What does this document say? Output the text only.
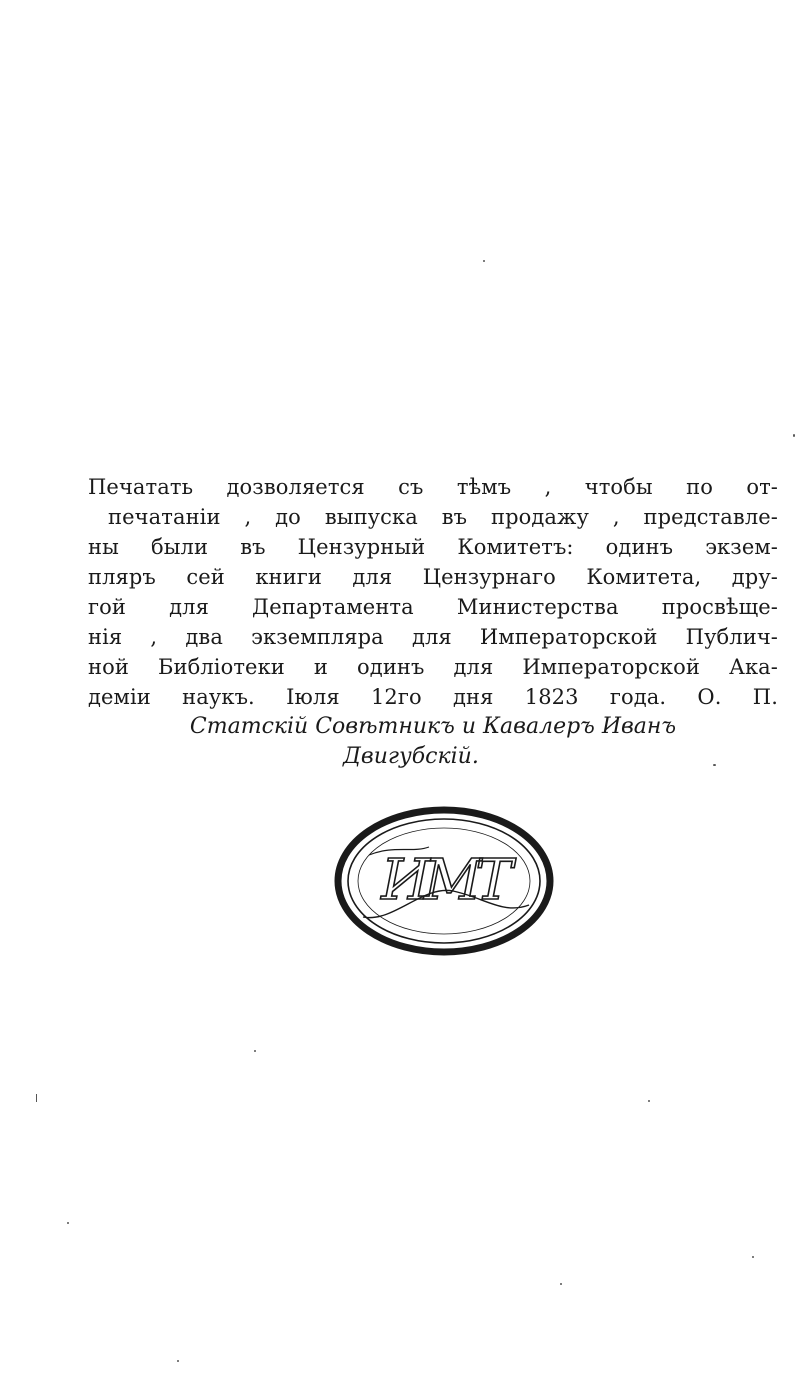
Печатать дозволяется съ тѣмъ , чтобы по от-
печатаніи , до выпуска въ продажу , представле-
ны были въ Цензурный Комитетъ: одинъ экзем-
пляръ сей книги для Цензурнаго Комитета, дру-
гой для Департамента Министерства просвѣще-
нія , два экземпляра для Императорской Публич-
ной Библіотеки и одинъ для Императорской Ака-
деміи наукъ. Іюля 12го дня 1823 года. О. П.
Статскій Совѣтникъ и Кавалеръ Иванъ
Двигубскій.
ИМТ
